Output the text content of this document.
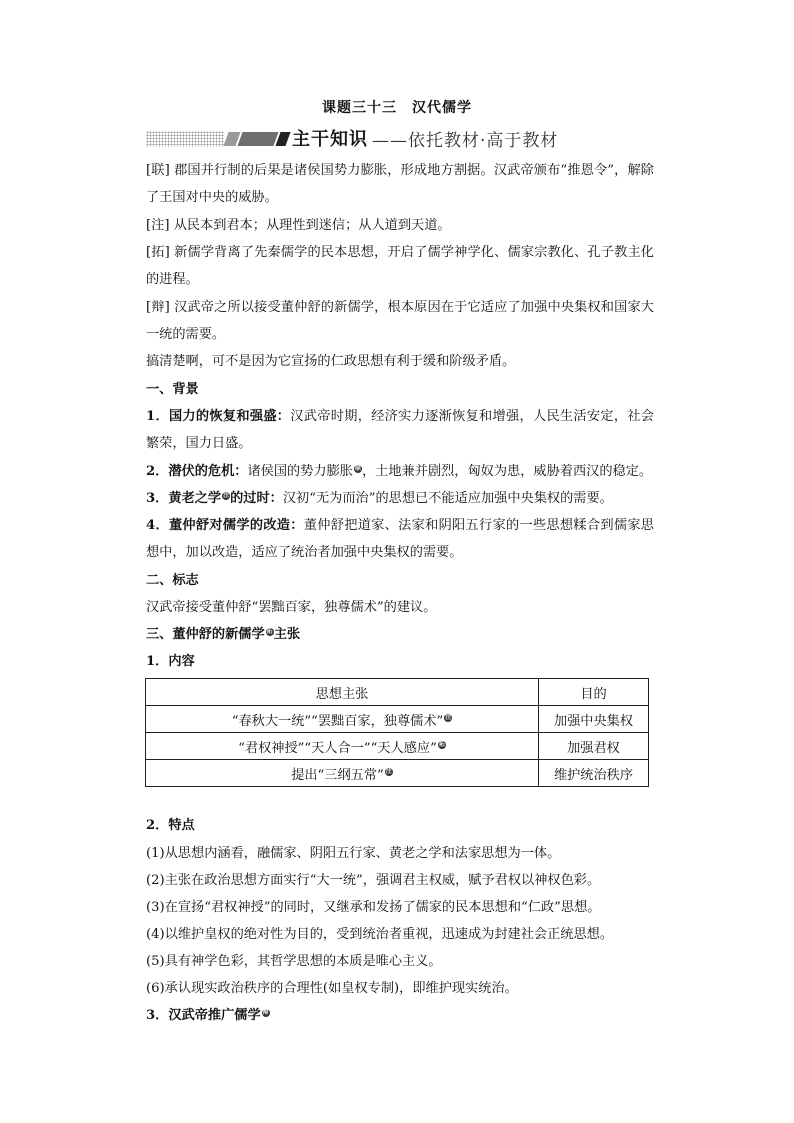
课题三十三　汉代儒学
主干知识 ——依托教材·高于教材
[联] 郡国并行制的后果是诸侯国势力膨胀，形成地方割据。汉武帝颁布“推恩令”，解除了王国对中央的威胁。
[注] 从民本到君本；从理性到迷信；从人道到天道。
[拓] 新儒学背离了先秦儒学的民本思想，开启了儒学神学化、儒家宗教化、孔子教主化的进程。
[辩] 汉武帝之所以接受董仲舒的新儒学，根本原因在于它适应了加强中央集权和国家大一统的需要。
搞清楚啊，可不是因为它宣扬的仁政思想有利于缓和阶级矛盾。
一、背景
1．国力的恢复和强盛：汉武帝时期，经济实力逐渐恢复和增强，人民生活安定，社会繁荣，国力日盛。
2．潜伏的危机：诸侯国的势力膨胀 联，土地兼并剧烈，匈奴为患，威胁着西汉的稳定。
3．黄老之学 注的过时：汉初“无为而治”的思想已不能适应加强中央集权的需要。
4．董仲舒对儒学的改造：董仲舒把道家、法家和阴阳五行家的一些思想糅合到儒家思想中，加以改造，适应了统治者加强中央集权的需要。
二、标志
汉武帝接受董仲舒“罢黜百家，独尊儒术”的建议。
三、董仲舒的新儒学 拓主张
1．内容
思想主张	目的
“春秋大一统”“罢黜百家，独尊儒术” 注	加强中央集权
“君权神授”“天人合一”“天人感应” 拓	加强君权
提出“三纲五常” 注	维护统治秩序
2．特点
(1)从思想内涵看，融儒家、阴阳五行家、黄老之学和法家思想为一体。
(2)主张在政治思想方面实行“大一统”，强调君主权威，赋予君权以神权色彩。
(3)在宣扬“君权神授”的同时，又继承和发扬了儒家的民本思想和“仁政”思想。
(4)以维护皇权的绝对性为目的，受到统治者重视，迅速成为封建社会正统思想。
(5)具有神学色彩，其哲学思想的本质是唯心主义。
(6)承认现实政治秩序的合理性(如皇权专制)，即维护现实统治。
3．汉武帝推广儒学 辩
